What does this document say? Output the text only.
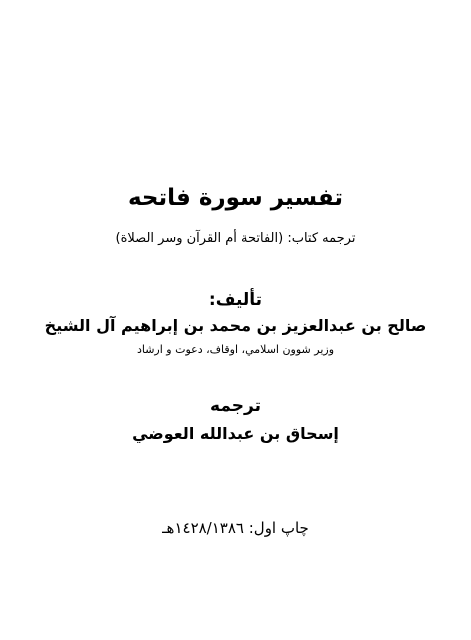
تفسير سورة فاتحه
ترجمه كتاب: (الفاتحة أم القرآن وسر الصلاة)
تأليف:
صالح بن عبدالعزيز بن محمد بن إبراهيم آل الشيخ
وزير شوون اسلامي، اوقاف، دعوت و ارشاد
ترجمه
إسحاق بن عبدالله العوضي
چاپ اول: ١٤٢٨/١٣٨٦هـ
